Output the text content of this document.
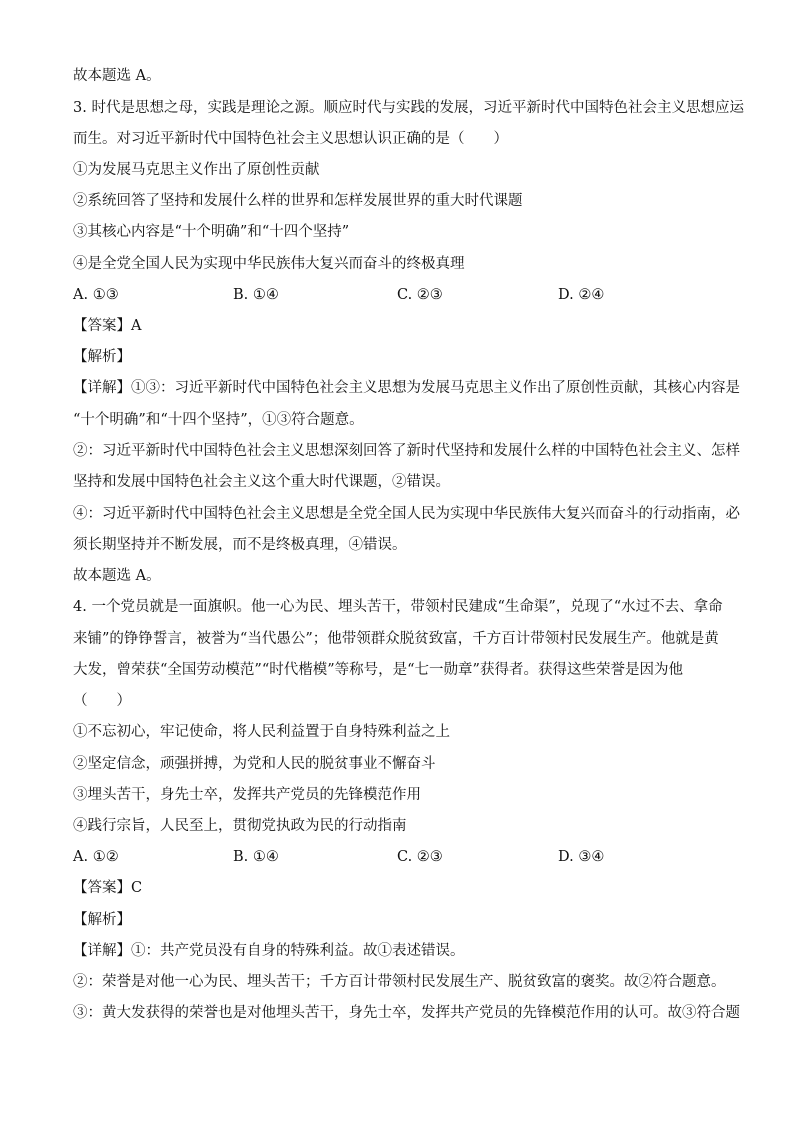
故本题选 A。
3. 时代是思想之母，实践是理论之源。顺应时代与实践的发展，习近平新时代中国特色社会主义思想应运
而生。对习近平新时代中国特色社会主义思想认识正确的是（　　）
①为发展马克思主义作出了原创性贡献
②系统回答了坚持和发展什么样的世界和怎样发展世界的重大时代课题
③其核心内容是“十个明确”和“十四个坚持”
④是全党全国人民为实现中华民族伟大复兴而奋斗的终极真理
A. ①③	B. ①④	C. ②③	D. ②④
【答案】A
【解析】
【详解】①③：习近平新时代中国特色社会主义思想为发展马克思主义作出了原创性贡献，其核心内容是
“十个明确”和“十四个坚持”，①③符合题意。
②：习近平新时代中国特色社会主义思想深刻回答了新时代坚持和发展什么样的中国特色社会主义、怎样
坚持和发展中国特色社会主义这个重大时代课题，②错误。
④：习近平新时代中国特色社会主义思想是全党全国人民为实现中华民族伟大复兴而奋斗的行动指南，必
须长期坚持并不断发展，而不是终极真理，④错误。
故本题选 A。
4. 一个党员就是一面旗帜。他一心为民、埋头苦干，带领村民建成“生命渠”，兑现了“水过不去、拿命
来铺”的铮铮誓言，被誉为“当代愚公”；他带领群众脱贫致富，千方百计带领村民发展生产。他就是黄
大发，曾荣获“全国劳动模范”“时代楷模”等称号，是“七一勋章”获得者。获得这些荣誉是因为他
（　　）
①不忘初心，牢记使命，将人民利益置于自身特殊利益之上
②坚定信念，顽强拼搏，为党和人民的脱贫事业不懈奋斗
③埋头苦干，身先士卒，发挥共产党员的先锋模范作用
④践行宗旨，人民至上，贯彻党执政为民的行动指南
A. ①②	B. ①④	C. ②③	D. ③④
【答案】C
【解析】
【详解】①：共产党员没有自身的特殊利益。故①表述错误。
②：荣誉是对他一心为民、埋头苦干；千方百计带领村民发展生产、脱贫致富的褒奖。故②符合题意。
③：黄大发获得的荣誉也是对他埋头苦干，身先士卒，发挥共产党员的先锋模范作用的认可。故③符合题
